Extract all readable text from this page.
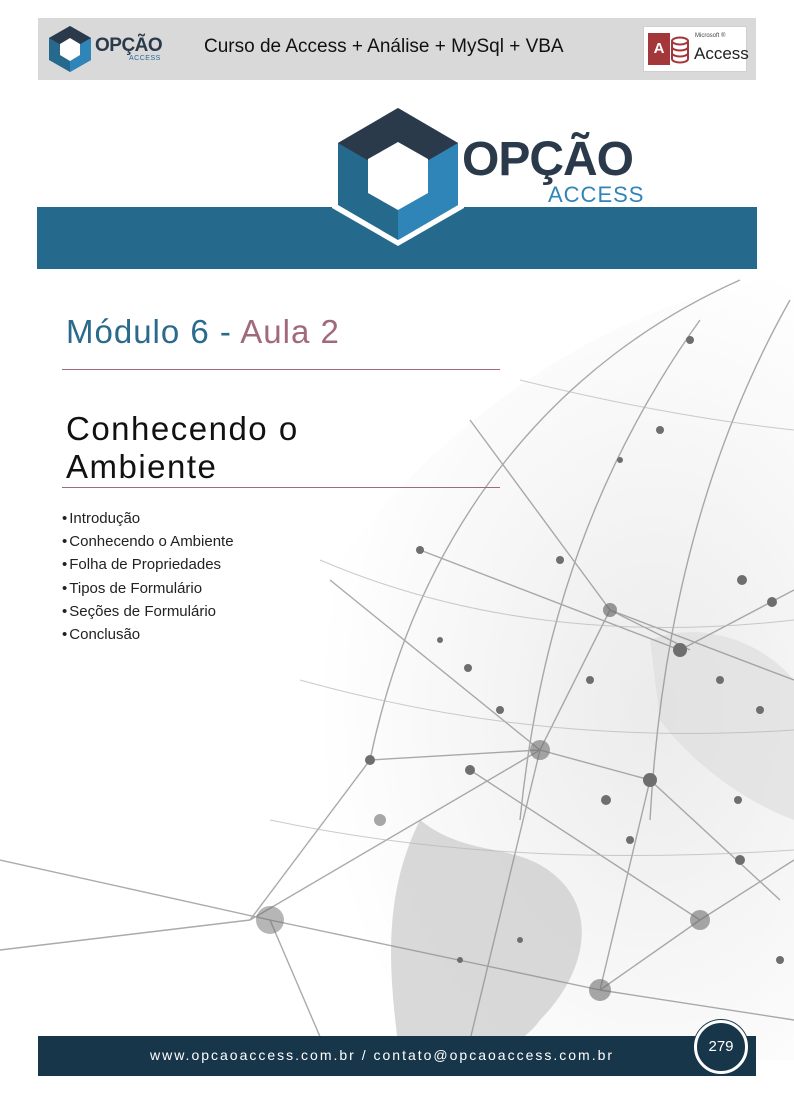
OPÇÃO
ACCESS
Curso de Access + Análise + MySql + VBA	A
Microsoft ®
Access
OPÇÃO
ACCESS
Módulo 6 - Aula 2
Conhecendo o Ambiente
• Introdução
• Conhecendo o Ambiente
• Folha de Propriedades
• Tipos de Formulário
• Seções de Formulário
• Conclusão
www.opcaoaccess.com.br / contato@opcaoaccess.com.br	279
